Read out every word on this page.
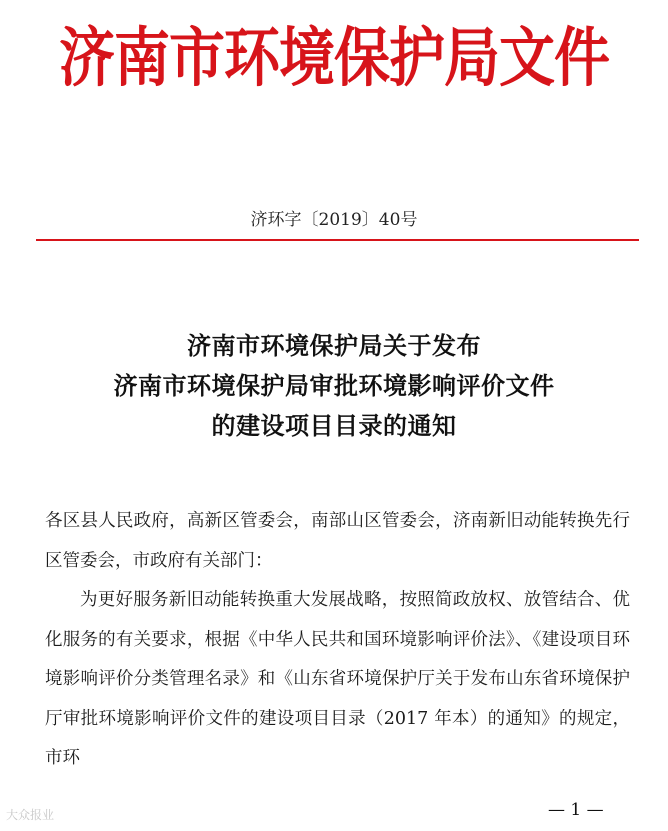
济南市环境保护局文件
济环字〔2019〕40号
济南市环境保护局关于发布
济南市环境保护局审批环境影响评价文件
的建设项目目录的通知

各区县人民政府，高新区管委会，南部山区管委会，济南新旧动能转换先行区管委会，市政府有关部门：

为更好服务新旧动能转换重大发展战略，按照简政放权、放管结合、优化服务的有关要求，根据《中华人民共和国环境影响评价法》、《建设项目环境影响评价分类管理名录》和《山东省环境保护厅关于发布山东省环境保护厅审批环境影响评价文件的建设项目目录（2017 年本）的通知》的规定，市环

— 1 —
大众报业
